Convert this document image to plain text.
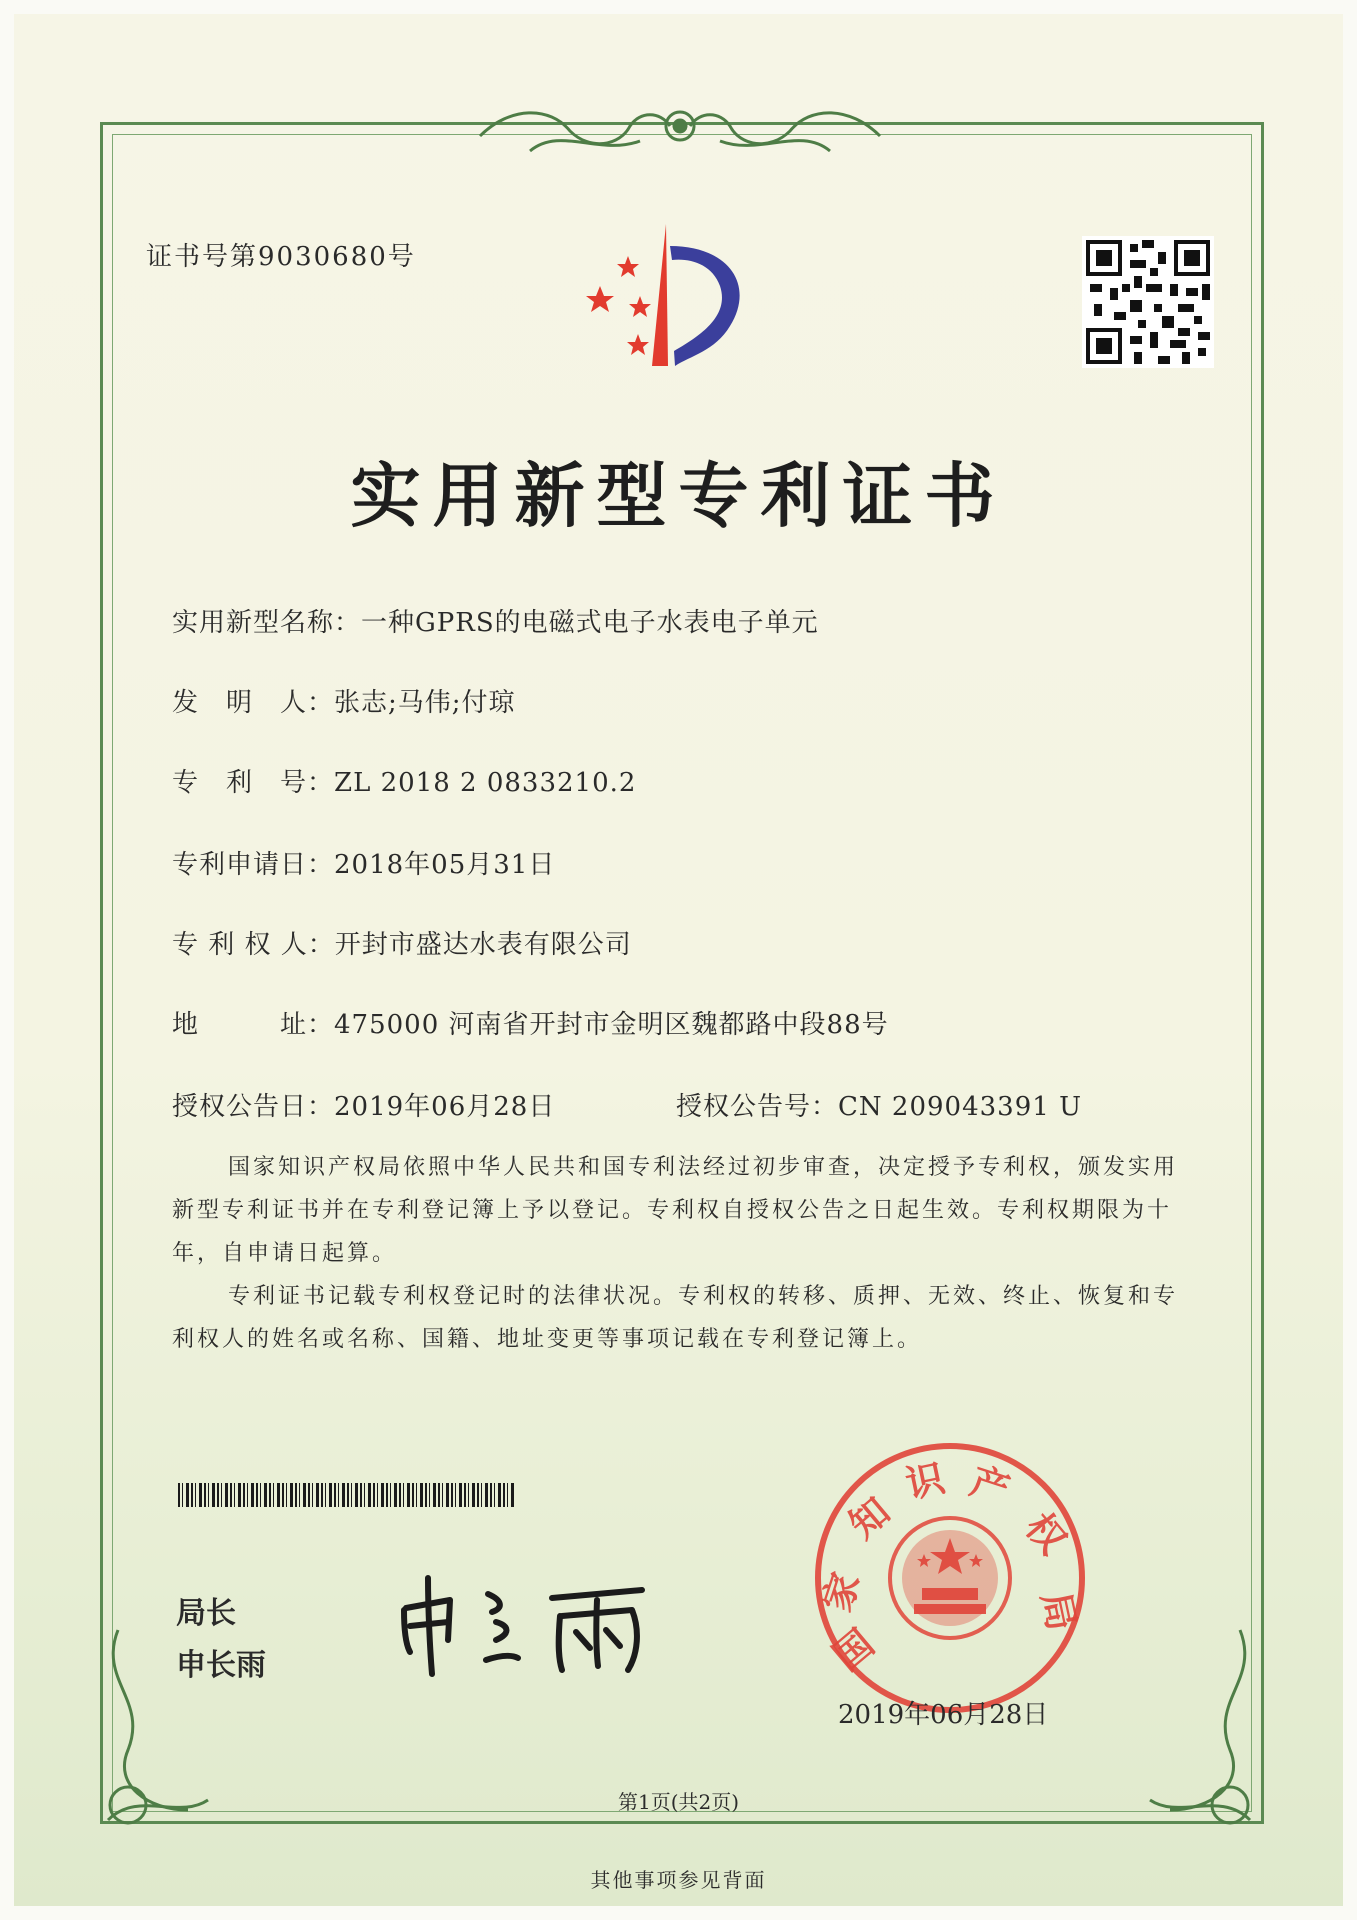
证书号第9030680号
实用新型专利证书
实用新型名称：一种GPRS的电磁式电子水表电子单元
发　明　人：张志;马伟;付琼
专　利　号：ZL 2018 2 0833210.2
专利申请日：2018年05月31日
专 利 权 人：开封市盛达水表有限公司
地　　　址：475000 河南省开封市金明区魏都路中段88号
授权公告日：2019年06月28日	授权公告号：CN 209043391 U

国家知识产权局依照中华人民共和国专利法经过初步审查，决定授予专利权，颁发实用新型专利证书并在专利登记簿上予以登记。专利权自授权公告之日起生效。专利权期限为十年，自申请日起算。

专利证书记载专利权登记时的法律状况。专利权的转移、质押、无效、终止、恢复和专利权人的姓名或名称、国籍、地址变更等事项记载在专利登记簿上。

局长
申长雨	国
家
知
识 产
权
局
2019年06月28日
第1页(共2页)
其他事项参见背面
